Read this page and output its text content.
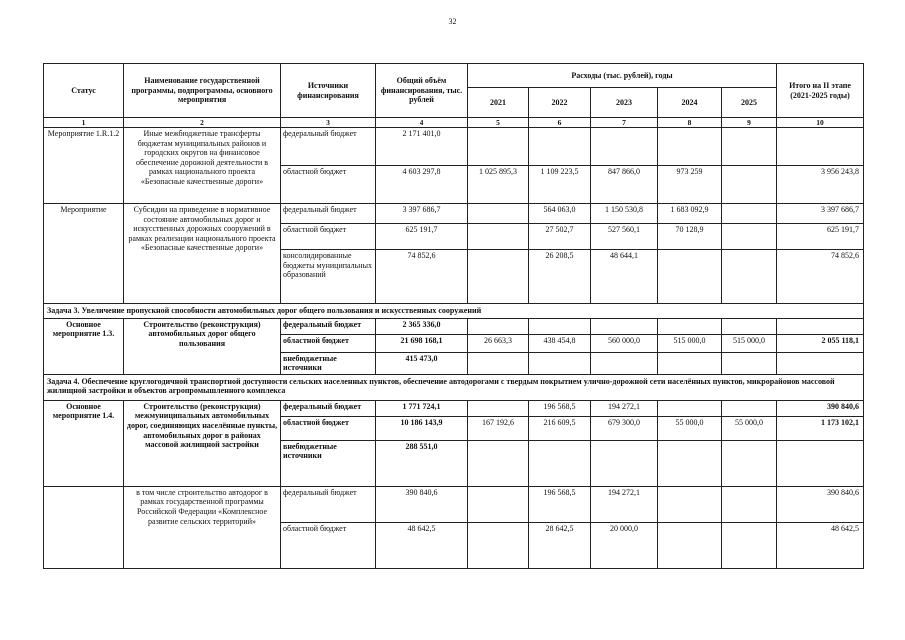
32
Статус	Наименование государственной программы, подпрограммы, основного мероприятия	Источники финансирования	Общий объём финансирования, тыс. рублей	Расходы (тыс. рублей), годы					Итого на II этапе (2021-2025 годы)
				2021	2022	2023	2024	2025	
1	2	3	4	5	6	7	8	9	10
Мероприятие 1.R.1.2	Иные межбюджетные трансферты бюджетам муниципальных районов и городских округов на финансовое обеспечение дорожной деятельности в рамках национального проекта «Безопасные качественные дороги»	федеральный бюджет	2 171 401,0						
		областной бюджет	4 603 297,8	1 025 895,3	1 109 223,5	847 866,0	973 259		3 956 243,8
Мероприятие	Субсидии на приведение в нормативное состояние автомобильных дорог и искусственных дорожных сооружений в рамках реализации национального проекта «Безопасные качественные дороги»	федеральный бюджет	3 397 686,7		564 063,0	1 150 530,8	1 683 092,9		3 397 686,7
		областной бюджет	625 191,7		27 502,7	527 560,1	70 128,9		625 191,7
		консолидированные бюджеты муниципальных образований	74 852,6		26 208,5	48 644,1			74 852,6
Задача 3. Увеличение пропускной способности автомобильных дорог общего пользования и искусственных сооружений									
Основное мероприятие 1.3.	Строительство (реконструкция) автомобильных дорог общего пользования	федеральный бюджет	2 365 336,0						
		областной бюджет	21 698 168,1	26 663,3	438 454,8	560 000,0	515 000,0	515 000,0	2 055 118,1
		внебюджетные источники	415 473,0						
Задача 4. Обеспечение круглогодичной транспортной доступности сельских населенных пунктов, обеспечение автодорогами с твердым покрытием улично-дорожной сети населённых пунктов, микрорайонов массовой жилищной застройки и объектов агропромышленного комплекса									
Основное мероприятие 1.4.	Строительство (реконструкция) межмуниципальных автомобильных дорог, соединяющих населённые пункты, автомобильных дорог в районах массовой жилищной застройки	федеральный бюджет	1 771 724,1		196 568,5	194 272,1			390 840,6
		областной бюджет	10 186 143,9	167 192,6	216 609,5	679 300,0	55 000,0	55 000,0	1 173 102,1
		внебюджетные источники	288 551,0						
	в том числе строительство автодорог в рамках государственной программы Российской Федерации «Комплексное развитие сельских территорий»	федеральный бюджет	390 840,6		196 568,5	194 272,1			390 840,6
		областной бюджет	48 642,5		28 642,5	20 000,0			48 642,5
